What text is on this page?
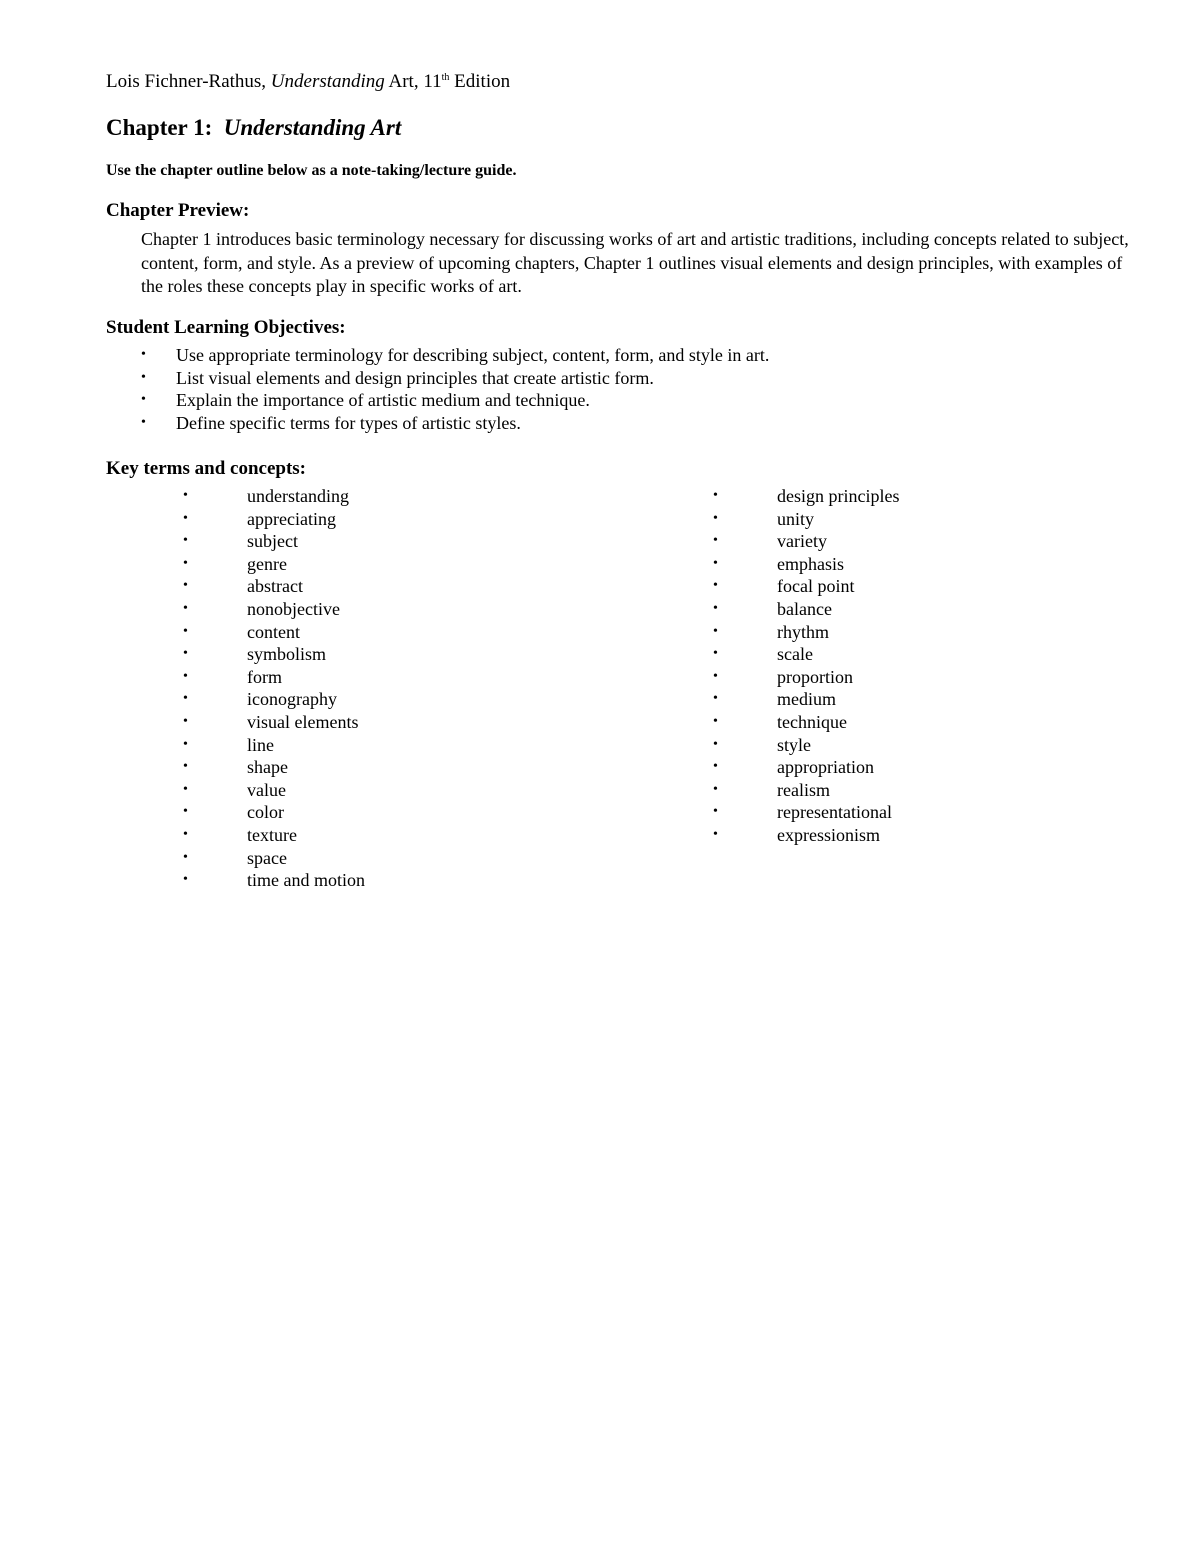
Lois Fichner-Rathus, Understanding Art, 11th Edition
Chapter 1:  Understanding Art
Use the chapter outline below as a note-taking/lecture guide.
Chapter Preview:
Chapter 1 introduces basic terminology necessary for discussing works of art and artistic traditions, including concepts related to subject, content, form, and style. As a preview of upcoming chapters, Chapter 1 outlines visual elements and design principles, with examples of the roles these concepts play in specific works of art.
Student Learning Objectives:
• Use appropriate terminology for describing subject, content, form, and style in art.
• List visual elements and design principles that create artistic form.
• Explain the importance of artistic medium and technique.
• Define specific terms for types of artistic styles.
Key terms and concepts:
•	understanding
•	appreciating
•	subject
•	genre
•	abstract
•	nonobjective
•	content
•	symbolism
•	form
•	iconography
•	visual elements
•	line
•	shape
•	value
•	color
•	texture
•	space
•	time and motion
•	design principles
•	unity
•	variety
•	emphasis
•	focal point
•	balance
•	rhythm
•	scale
•	proportion
•	medium
•	technique
•	style
•	appropriation
•	realism
•	representational
•	expressionism
